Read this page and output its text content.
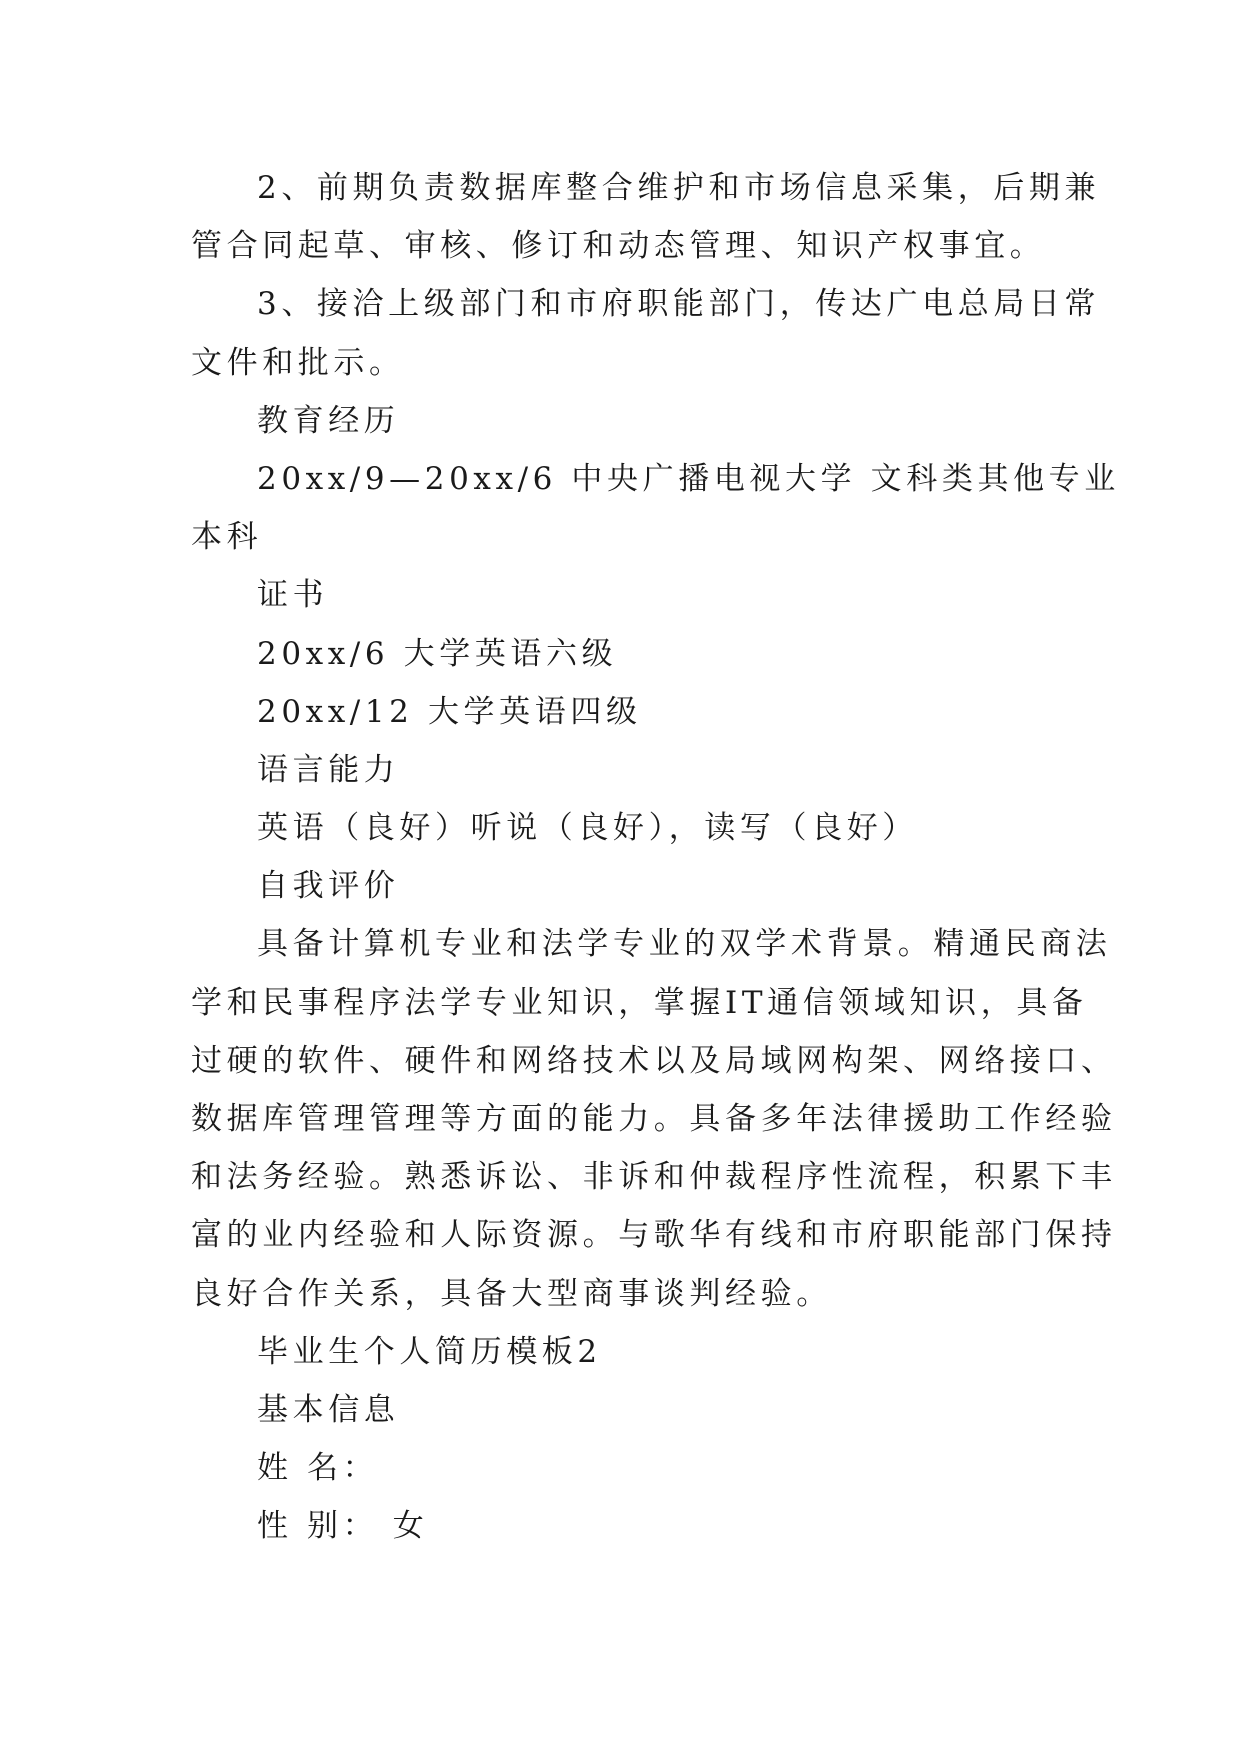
2、前期负责数据库整合维护和市场信息采集，后期兼
管合同起草、审核、修订和动态管理、知识产权事宜。
3、接洽上级部门和市府职能部门，传达广电总局日常
文件和批示。
教育经历
20xx/9—20xx/6 中央广播电视大学 文科类其他专业
本科
证书
20xx/6 大学英语六级
20xx/12 大学英语四级
语言能力
英语（良好）听说（良好），读写（良好）
自我评价
具备计算机专业和法学专业的双学术背景。精通民商法
学和民事程序法学专业知识，掌握IT通信领域知识，具备
过硬的软件、硬件和网络技术以及局域网构架、网络接口、
数据库管理管理等方面的能力。具备多年法律援助工作经验
和法务经验。熟悉诉讼、非诉和仲裁程序性流程，积累下丰
富的业内经验和人际资源。与歌华有线和市府职能部门保持
良好合作关系，具备大型商事谈判经验。
毕业生个人简历模板2
基本信息
姓 名：
性 别： 女
